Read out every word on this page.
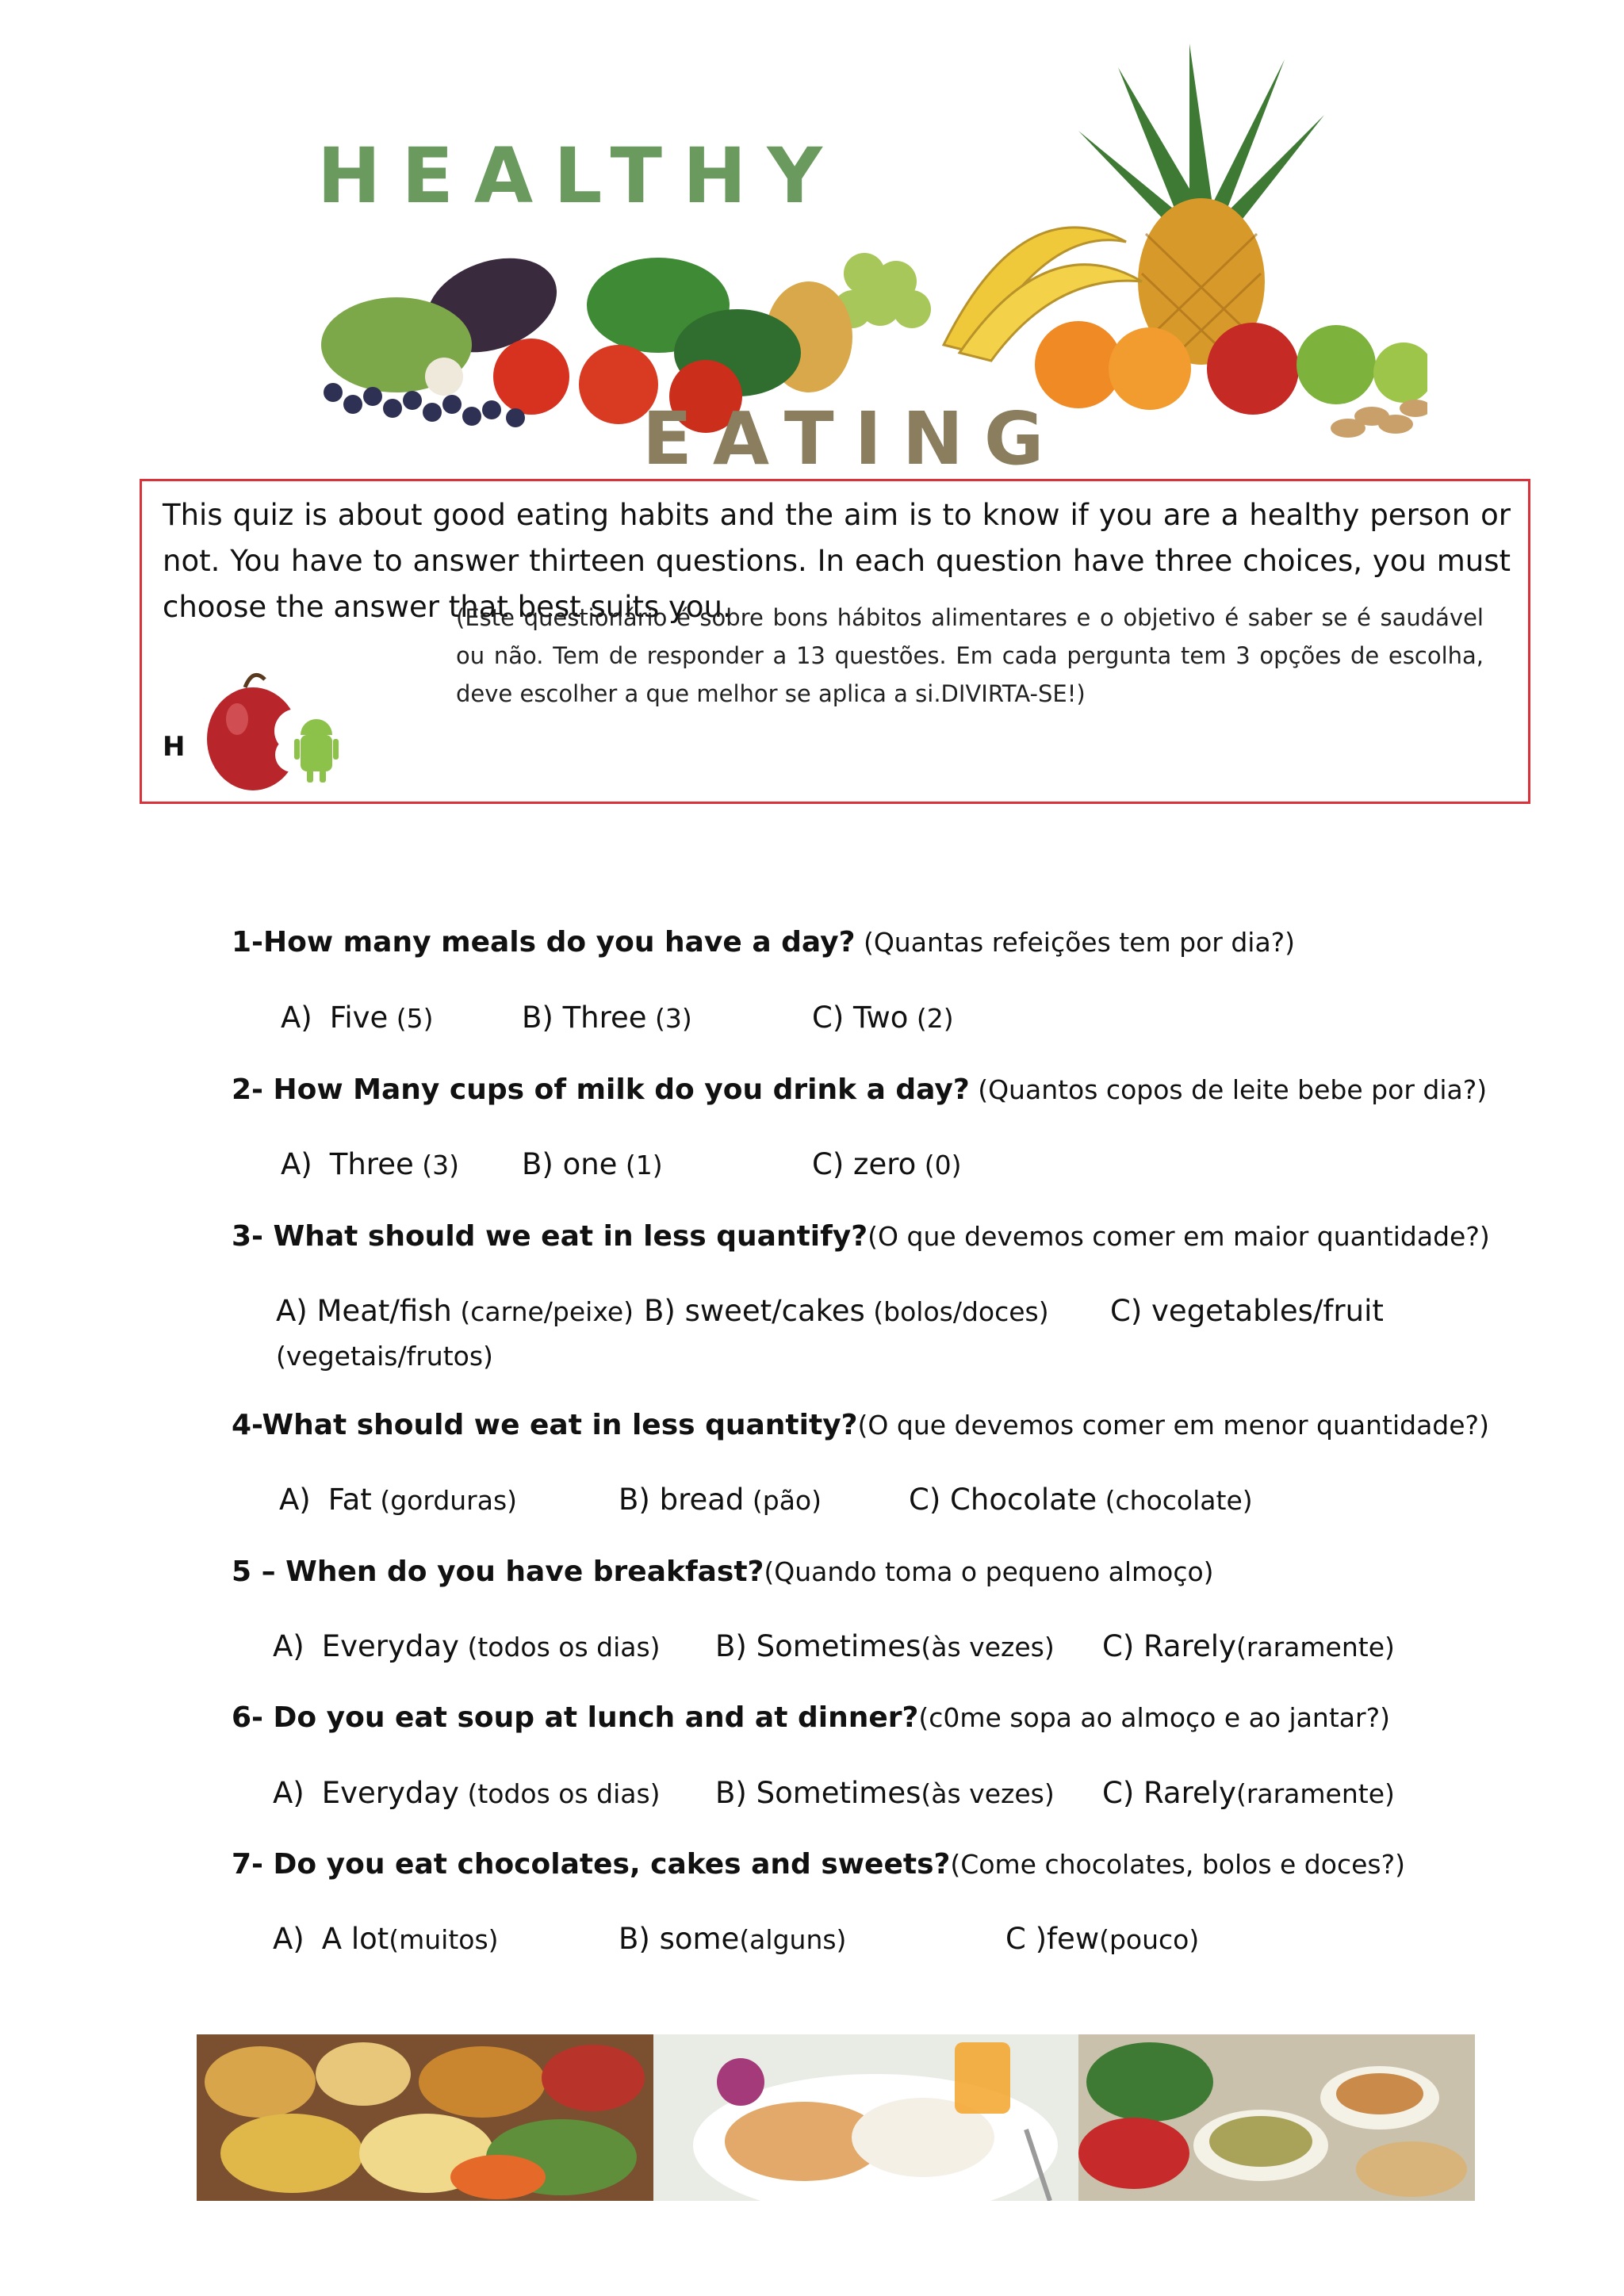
HEALTHY
EATING
This quiz is about good eating habits and the aim is to know if you are a healthy person or not. You have to answer thirteen questions. In each question have three choices, you must choose the answer that best suits you.
(Este questionário é sobre bons hábitos alimentares e o objetivo é saber se é saudável ou não. Tem de responder a 13 questões. Em cada pergunta tem 3 opções de escolha, deve escolher a que melhor se aplica a si.DIVIRTA-SE!)
H
1-How many meals do you have a day? (Quantas refeições tem por dia?)
A) Five (5)	B) Three (3)	C) Two (2)
2- How Many cups of milk do you drink a day? (Quantos copos de leite bebe por dia?)
A) Three (3) B) one (1)	C) zero (0)
3- What should we eat in less quantify?(O que devemos comer em maior quantidade?)
A) Meat/fish (carne/peixe) B) sweet/cakes (bolos/doces) C) vegetables/fruit
(vegetais/frutos)
4-What should we eat in less quantity?(O que devemos comer em menor quantidade?)
A) Fat (gorduras)	B) bread (pão)	C) Chocolate (chocolate)
5 – When do you have breakfast?(Quando toma o pequeno almoço)
A) Everyday (todos os dias) B) Sometimes(às vezes) C) Rarely(raramente)
6- Do you eat soup at lunch and at dinner?(c0me sopa ao almoço e ao jantar?)
A) Everyday (todos os dias) B) Sometimes(às vezes) C) Rarely(raramente)
7- Do you eat chocolates, cakes and sweets?(Come chocolates, bolos e doces?)
A) A lot(muitos)	B) some(alguns)	C )few(pouco)
